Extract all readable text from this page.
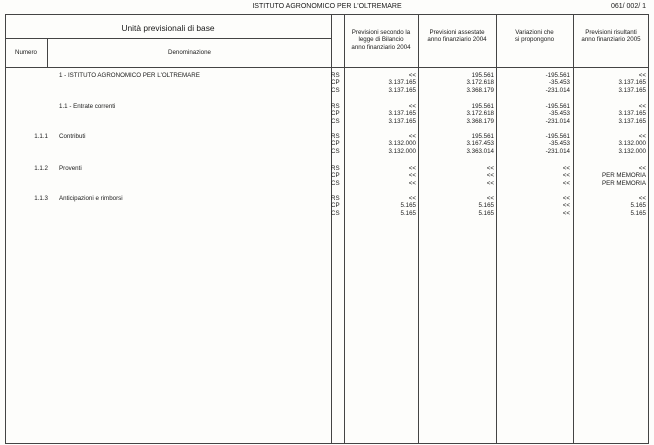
ISTITUTO AGRONOMICO PER L'OLTREMARE	061/ 002/ 1
Unità previsionali di base
Numero	Denominazione
Previsioni secondo la
legge di Bilancio
anno finanziario 2004
Previsioni assestate
anno finanziario 2004
Variazioni che
si propongono
Previsioni risultanti
anno finanziario 2005
1 - ISTITUTO AGRONOMICO PER L'OLTREMARE	RS	<<	195.561	-195.561	<<
CP	3.137.165	3.172.618	-35.453	3.137.165
CS	3.137.165	3.368.179	-231.014	3.137.165
1.1 - Entrate correnti	RS	<<	195.561	-195.561	<<
CP	3.137.165	3.172.618	-35.453	3.137.165
CS	3.137.165	3.368.179	-231.014	3.137.165
1.1.1 Contributi	RS	<<	195.561	-195.561	<<
CP	3.132.000	3.167.453	-35.453	3.132.000
CS	3.132.000	3.363.014	-231.014	3.132.000
1.1.2 Proventi	RS	<<	<<	<<	<<
CP	<<	<<	<<	PER MEMORIA
CS	<<	<<	<<	PER MEMORIA
1.1.3 Anticipazioni e rimborsi	RS	<<	<<	<<	<<
CP	5.165	5.165	<<	5.165
CS	5.165	5.165	<<	5.165
